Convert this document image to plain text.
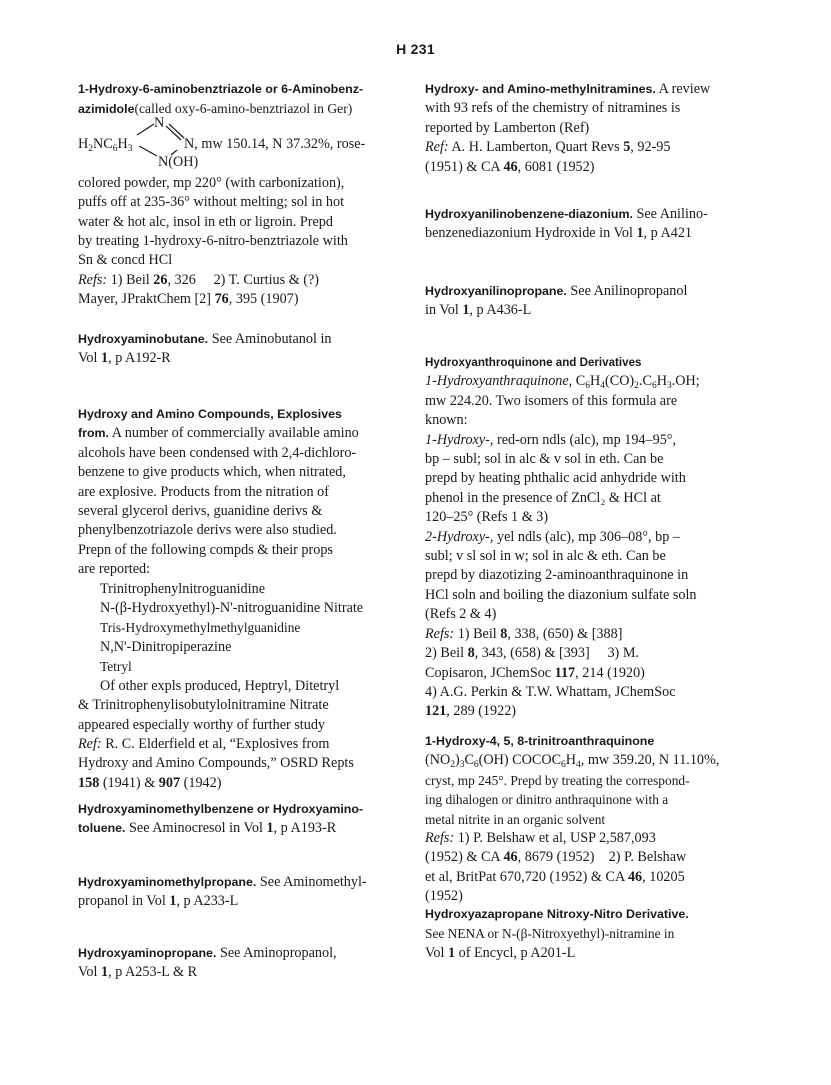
H 231

1-Hydroxy-6-aminobenztriazole or 6-Aminobenz-

azimidole(called oxy-6-amino-benztriazol in Ger)

N
$H_2NC_6H_3$	N, mw 150.14, N 37.32%, rose-
N(OH)

colored powder, mp 220° (with carbonization),

puffs off at 235-36° without melting; sol in hot

water & hot alc, insol in eth or ligroin. Prepd

by treating 1-hydroxy-6-nitro-benztriazole with

Sn & concd HCl

Refs: 1) Beil 26, 326     2) T. Curtius & (?)

Mayer, JPraktChem [2] 76, 395 (1907)

Hydroxyaminobutane. See Aminobutanol in

Vol 1, p A192-R

Hydroxy and Amino Compounds, Explosives

from. A number of commercially available amino

alcohols have been condensed with 2,4-dichloro-

benzene to give products which, when nitrated,

are explosive. Products from the nitration of

several glycerol derivs, guanidine derivs &

phenylbenzotriazole derivs were also studied.

Prepn of the following compds & their props

are reported:

Trinitrophenylnitroguanidine

N-(β-Hydroxyethyl)-N'-nitroguanidine Nitrate

Tris-Hydroxymethylmethylguanidine

N,N'-Dinitropiperazine

Tetryl

Of other expls produced, Heptryl, Ditetryl

& Trinitrophenylisobutylolnitramine Nitrate

appeared especially worthy of further study

Ref: R. C. Elderfield et al, “Explosives from

Hydroxy and Amino Compounds,” OSRD Repts

158 (1941) & 907 (1942)

Hydroxyaminomethylbenzene or Hydroxyamino-

toluene. See Aminocresol in Vol 1, p A193-R

Hydroxyaminomethylpropane. See Aminomethyl-

propanol in Vol 1, p A233-L

Hydroxyaminopropane. See Aminopropanol,

Vol 1, p A253-L & R

Hydroxy- and Amino-methylnitramines. A review

with 93 refs of the chemistry of nitramines is

reported by Lamberton (Ref)

Ref: A. H. Lamberton, Quart Revs 5, 92-95

(1951) & CA 46, 6081 (1952)

Hydroxyanilinobenzene-diazonium. See Anilino-

benzenediazonium Hydroxide in Vol 1, p A421

Hydroxyanilinopropane. See Anilinopropanol

in Vol 1, p A436-L

Hydroxyanthroquinone and Derivatives

1-Hydroxyanthraquinone, $C_6H_4(CO)_2.C_6H_3.OH$;

mw 224.20. Two isomers of this formula are

known:

1-Hydroxy-, red-orn ndls (alc), mp 194–95°,

bp – subl; sol in alc & v sol in eth. Can be

prepd by heating phthalic acid anhydride with

phenol in the presence of ZnCl₂ & HCl at

120–25° (Refs 1 & 3)

2-Hydroxy-, yel ndls (alc), mp 306–08°, bp –

subl; v sl sol in w; sol in alc & eth. Can be

prepd by diazotizing 2-aminoanthraquinone in

HCl soln and boiling the diazonium sulfate soln

(Refs 2 & 4)

Refs: 1) Beil 8, 338, (650) & [388]

2) Beil 8, 343, (658) & [393]     3) M.

Copisaron, JChemSoc 117, 214 (1920)

4) A.G. Perkin & T.W. Whattam, JChemSoc

121, 289 (1922)

1-Hydroxy-4, 5, 8-trinitroanthraquinone

$(NO_2)_3C_6(OH)$ $COCOC_6H_4$, mw 359.20, N 11.10%,

cryst, mp 245°. Prepd by treating the correspond-

ing dihalogen or dinitro anthraquinone with a

metal nitrite in an organic solvent

Refs: 1) P. Belshaw et al, USP 2,587,093

(1952) & CA 46, 8679 (1952)    2) P. Belshaw

et al, BritPat 670,720 (1952) & CA 46, 10205

(1952)

Hydroxyazapropane Nitroxy-Nitro Derivative.

See NENA or N-(β-Nitroxyethyl)-nitramine in

Vol 1 of Encycl, p A201-L
